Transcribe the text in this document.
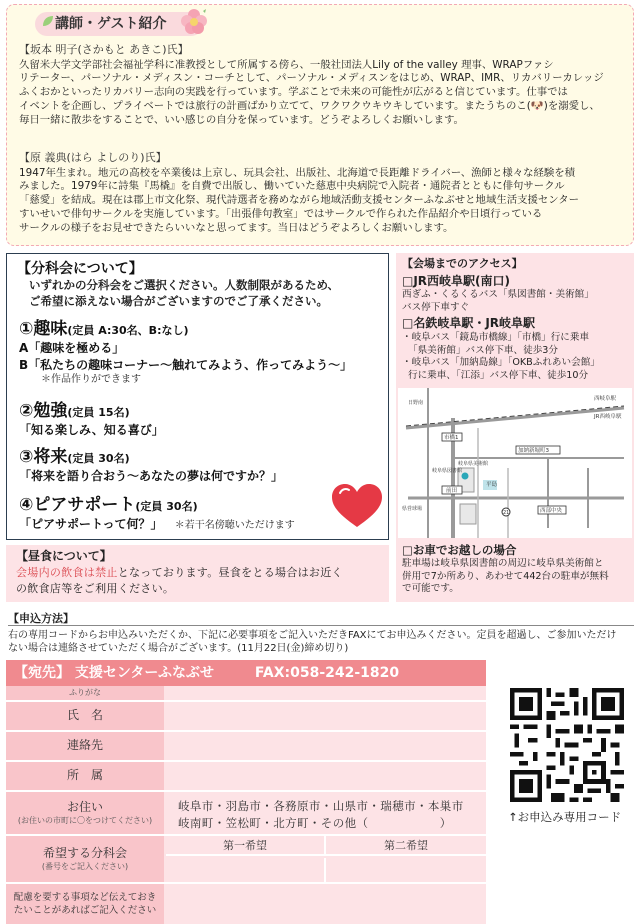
講師・ゲスト紹介
【坂本 明子(さかもと あきこ)氏】
久留米大学文学部社会福祉学科に准教授として所属する傍ら、一般社団法人Lily of the valley 理事、WRAPファシ
リテーター、パーソナル・メディスン・コーチとして、パーソナル・メディスンをはじめ、WRAP、IMR、リカバリーカレッジ
ふくおかといったリカバリー志向の実践を行っています。学ぶことで未来の可能性が広がると信じています。仕事では
イベントを企画し、プライベートでは旅行の計画ばかり立てて、ワクワクウキウキしています。またうちのこ(🐶)を溺愛し、
毎日一緒に散歩をすることで、いい感じの自分を保っています。どうぞよろしくお願いします。
【原 義典(はら よしのり)氏】
1947年生まれ。地元の高校を卒業後は上京し、玩具会社、出版社、北海道で長距離ドライバー、漁師と様々な経験を積
みました。1979年に詩集『馬橇』を自費で出版し、働いていた慈恵中央病院で入院者・通院者とともに俳句サークル
「慈愛」を結成。現在は郡上市文化祭、現代詩選者を務めながら地域活動支援センターふなぶせと地域生活支援センター
すいせいで俳句サークルを実施しています。「出張俳句教室」ではサークルで作られた作品紹介や日頃行っている
サークルの様子をお見せできたらいいなと思ってます。当日はどうぞよろしくお願いします。
【分科会について】
いずれかの分科会をご選択ください。人数制限があるため、
ご希望に添えない場合がございますのでご了承ください。
①趣味(定員 A:30名、B:なし)
A「趣味を極める」
B「私たちの趣味コーナー～触れてみよう、作ってみよう～」
＊作品作りができます
②勉強(定員 15名)
「知る楽しみ、知る喜び」
③将来(定員 30名)
「将来を語り合おう～あなたの夢は何ですか？」
④ピアサポート(定員 30名)
「ピアサポートって何？」 ＊若干名傍聴いただけます
【昼食について】

会場内の飲食は禁止となっております。昼食をとる場合はお近く

の飲食店等をご利用ください。

【会場までのアクセス】
□JR西岐阜駅(南口)
西ぎふ・くるくるバス「県図書館・美術館」
バス停下車すぐ
□名鉄岐阜駅・JR岐阜駅
・岐阜バス「鏡島市橋線」「市橋」行に乗車
「県美術館」バス停下車、徒歩3分
・岐阜バス「加納島線」「OKBふれあい会館」
行に乗車、「江添」バス停下車、徒歩10分
西岐阜駅
JR西岐阜駅
市橋1
岐阜県美術館
加納新堀町3
平島
前田
岐阜県図書館
県営球場	西部中央
日野南
21
□お車でお越しの場合
駐車場は岐阜県図書館の周辺に岐阜県美術館と
併用で7か所あり、あわせて442台の駐車が無料
で可能です。
【申込方法】
右の専用コードからお申込みいただくか、下記に必要事項をご記入いただきFAXにてお申込みください。定員を超過し、ご参加いただけ
ない場合は連絡させていただく場合がございます。(11月22日(金)締め切り)
【宛先】 支援センターふなぶせ	FAX:058-242-1820
ふりがな
氏　名
連絡先
所　属
お住い
(お住いの市町に〇をつけてください)
岐阜市・羽島市・各務原市・山県市・瑞穂市・本巣市
岐南町・笠松町・北方町・その他（　　　　　　）
希望する分科会
(番号をご記入ください)
第一希望	第二希望
配慮を要する事項など伝えておき
たいことがあればご記入ください
↑お申込み専用コード
